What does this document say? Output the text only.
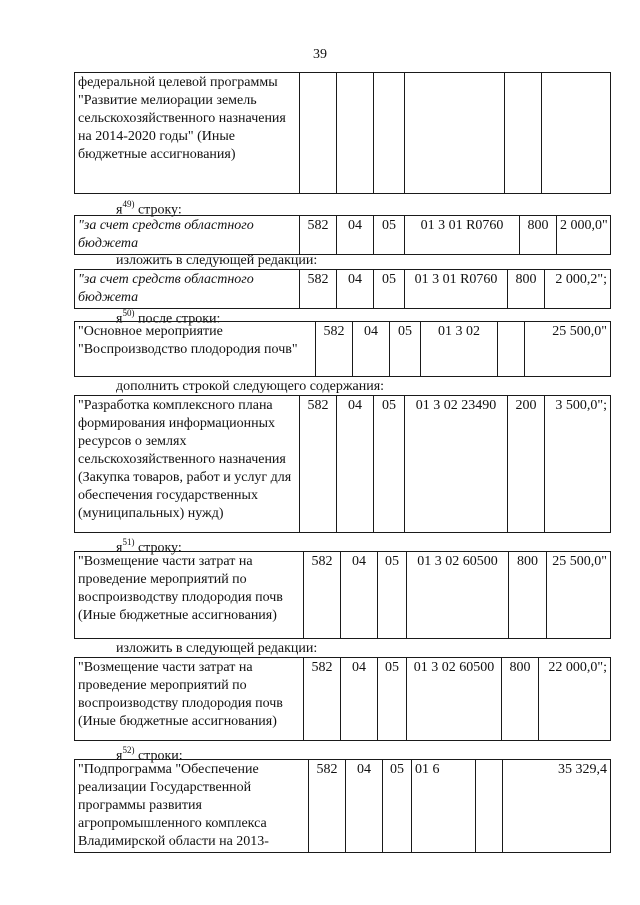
39
федеральной целевой программы "Развитие мелиорации земель сельскохозяйственного назначения на 2014-2020 годы" (Иные бюджетные ассигнования)						
$я^{49)}$ строку:
"за счет средств областного бюджета	582	04	05	01 3 01 R0760	800	2 000,0"
изложить в следующей редакции:
"за счет средств областного бюджета	582	04	05	01 3 01 R0760	800	2 000,2";
$я^{50)}$ после строки:
"Основное мероприятие "Воспроизводство плодородия почв"	582	04	05	01 3 02		25 500,0"
дополнить строкой следующего содержания:
"Разработка комплексного плана формирования информационных ресурсов о землях сельскохозяйственного назначения (Закупка товаров, работ и услуг для обеспечения государственных (муниципальных) нужд)	582	04	05	01 3 02 23490	200	3 500,0";
$я^{51)}$ строку:
"Возмещение части затрат на проведение мероприятий по воспроизводству плодородия почв (Иные бюджетные ассигнования)	582	04	05	01 3 02 60500	800	25 500,0"
изложить в следующей редакции:
"Возмещение части затрат на проведение мероприятий по воспроизводству плодородия почв (Иные бюджетные ассигнования)	582	04	05	01 3 02 60500	800	22 000,0";
$я^{52)}$ строки:
"Подпрограмма "Обеспечение реализации Государственной программы развития агропромышленного комплекса Владимирской области на 2013-	582	04	05	01 6		35 329,4
